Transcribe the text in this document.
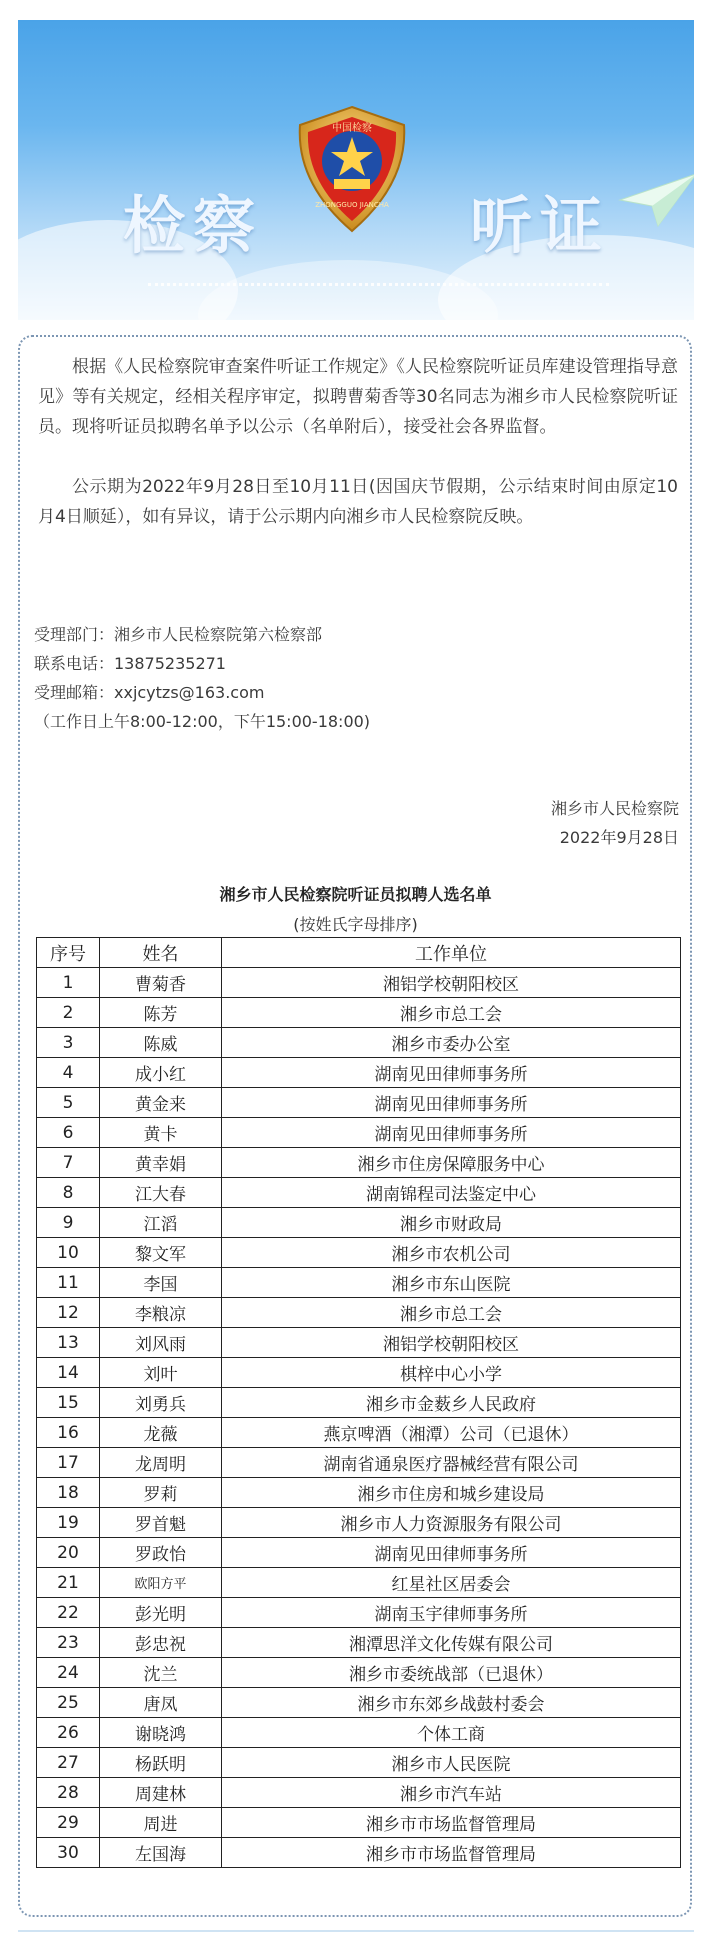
检察	听证
中国检察
ZHONGGUO JIANCHA

根据《人民检察院审查案件听证工作规定》《人民检察院听证员库建设管理指导意见》等有关规定，经相关程序审定，拟聘曹菊香等30名同志为湘乡市人民检察院听证员。现将听证员拟聘名单予以公示（名单附后），接受社会各界监督。

公示期为2022年9月28日至10月11日(因国庆节假期，公示结束时间由原定10月4日顺延），如有异议，请于公示期内向湘乡市人民检察院反映。

受理部门：湘乡市人民检察院第六检察部
联系电话：13875235271
受理邮箱：xxjcytzs@163.com
（工作日上午8:00-12:00，下午15:00-18:00)
湘乡市人民检察院
2022年9月28日
湘乡市人民检察院听证员拟聘人选名单
(按姓氏字母排序)
序号	姓名	工作单位
1	曹菊香	湘铝学校朝阳校区
2	陈芳	湘乡市总工会
3	陈威	湘乡市委办公室
4	成小红	湖南见田律师事务所
5	黄金来	湖南见田律师事务所
6	黄卡	湖南见田律师事务所
7	黄幸娟	湘乡市住房保障服务中心
8	江大春	湖南锦程司法鉴定中心
9	江滔	湘乡市财政局
10	黎文军	湘乡市农机公司
11	李国	湘乡市东山医院
12	李粮凉	湘乡市总工会
13	刘风雨	湘铝学校朝阳校区
14	刘叶	棋梓中心小学
15	刘勇兵	湘乡市金薮乡人民政府
16	龙薇	燕京啤酒（湘潭）公司（已退休）
17	龙周明	湖南省通泉医疗器械经营有限公司
18	罗莉	湘乡市住房和城乡建设局
19	罗首魁	湘乡市人力资源服务有限公司
20	罗政怡	湖南见田律师事务所
21	欧阳方平	红星社区居委会
22	彭光明	湖南玉宇律师事务所
23	彭忠祝	湘潭思洋文化传媒有限公司
24	沈兰	湘乡市委统战部（已退休）
25	唐凤	湘乡市东郊乡战鼓村委会
26	谢晓鸿	个体工商
27	杨跃明	湘乡市人民医院
28	周建林	湘乡市汽车站
29	周进	湘乡市市场监督管理局
30	左国海	湘乡市市场监督管理局
